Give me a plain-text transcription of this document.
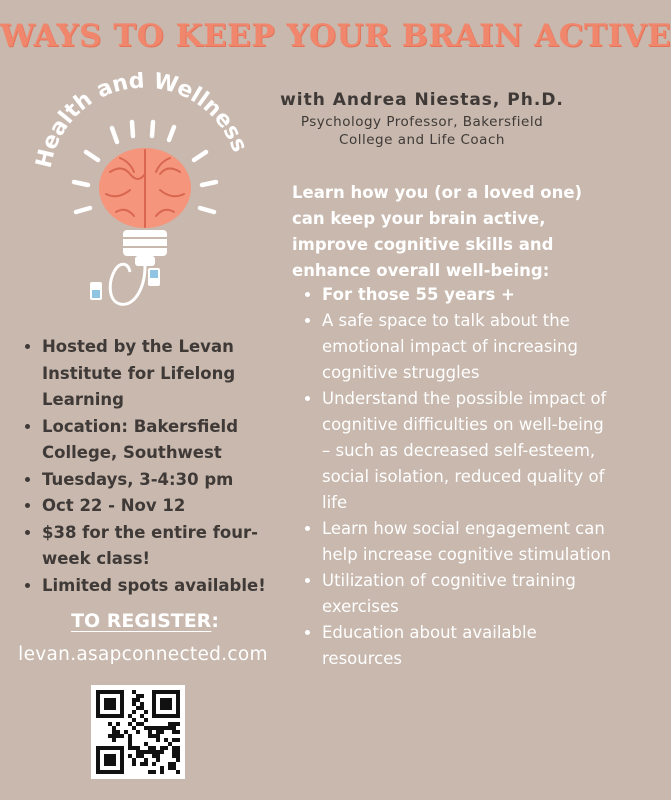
WAYS TO KEEP YOUR BRAIN ACTIVE
Health and Wellness
with Andrea Niestas, Ph.D.
Psychology Professor, Bakersfield
College and Life Coach
Learn how you (or a loved one) can keep your brain active, improve cognitive skills and enhance overall well-being:
• For those 55 years +
• A safe space to talk about the emotional impact of increasing cognitive struggles
• Understand the possible impact of cognitive difficulties on well-being – such as decreased self-esteem, social isolation, reduced quality of life
• Learn how social engagement can help increase cognitive stimulation
• Utilization of cognitive training exercises
• Education about available resources
• Hosted by the Levan Institute for Lifelong Learning
• Location: Bakersfield College, Southwest
• Tuesdays, 3-4:30 pm
• Oct 22 - Nov 12
• $38 for the entire four-week class!
• Limited spots available!
TO REGISTER:
levan.asapconnected.com
